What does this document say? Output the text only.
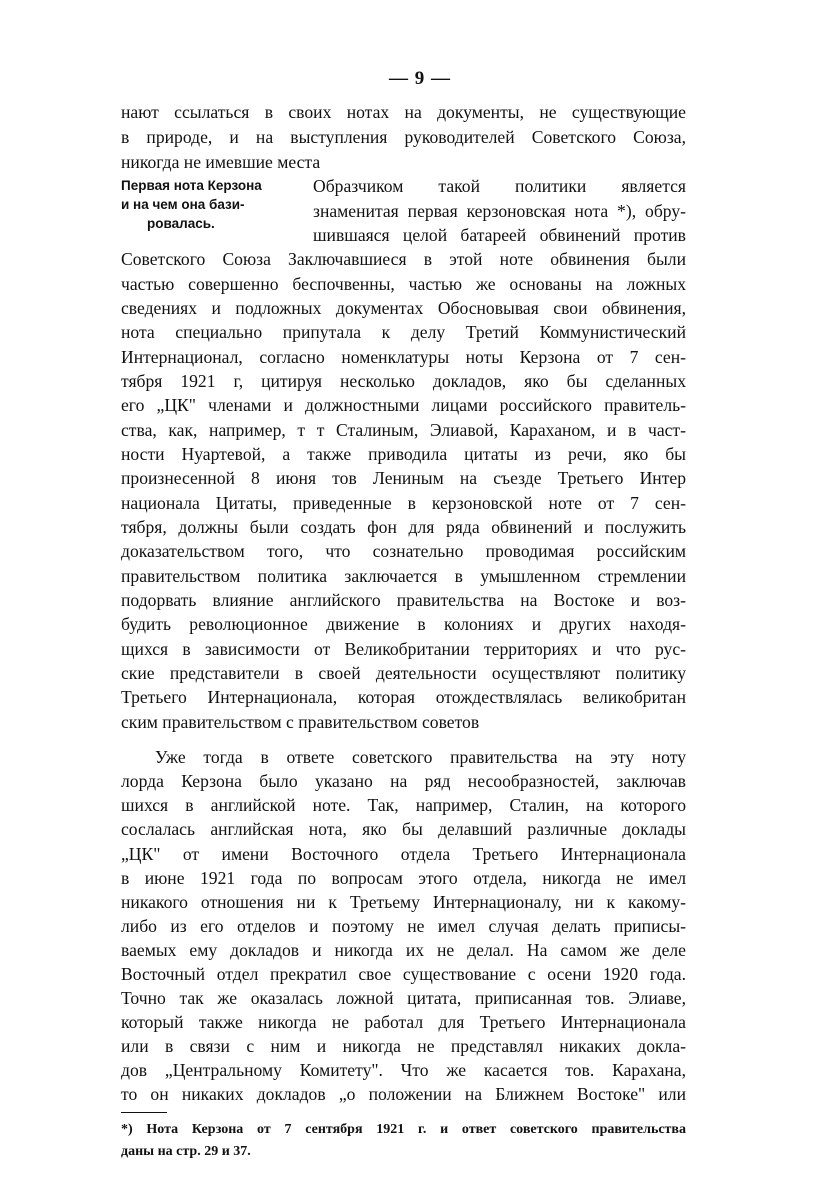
— 9 —
Первая нота Керзона
и на чем она бази-
ровалась.
нают ссылаться в своих нотах на документы, не существующие
в природе, и на выступления руководителей Советского Союза,
никогда не имевшие места
Образчиком такой политики является
знаменитая первая керзоновская нота *), обру-
шившаяся целой батареей обвинений против
Советского Союза Заключавшиеся в этой ноте обвинения были
частью совершенно беспочвенны, частью же основаны на ложных
сведениях и подложных документах Обосновывая свои обвинения,
нота специально припутала к делу Третий Коммунистический
Интернационал, согласно номенклатуры ноты Керзона от 7 сен-
тября 1921 г, цитируя несколько докладов, яко бы сделанных
его „ЦК" членами и должностными лицами российского правитель-
ства, как, например, т т Сталиным, Элиавой, Караханом, и в част-
ности Нуартевой, а также приводила цитаты из речи, яко бы
произнесенной 8 июня тов Лениным на съезде Третьего Интер
национала Цитаты, приведенные в керзоновской ноте от 7 сен-
тября, должны были создать фон для ряда обвинений и послужить
доказательством того, что сознательно проводимая российским
правительством политика заключается в умышленном стремлении
подорвать влияние английского правительства на Востоке и воз-
будить революционное движение в колониях и других находя-
щихся в зависимости от Великобритании территориях и что рус-
ские представители в своей деятельности осуществляют политику
Третьего Интернационала, которая отождествлялась великобритан
ским правительством с правительством советов
Уже тогда в ответе советского правительства на эту ноту
лорда Керзона было указано на ряд несообразностей, заключав
шихся в английской ноте. Так, например, Сталин, на которого
сослалась английская нота, яко бы делавший различные доклады
„ЦК" от имени Восточного отдела Третьего Интернационала
в июне 1921 года по вопросам этого отдела, никогда не имел
никакого отношения ни к Третьему Интернационалу, ни к какому-
либо из его отделов и поэтому не имел случая делать приписы-
ваемых ему докладов и никогда их не делал. На самом же деле
Восточный отдел прекратил свое существование с осени 1920 года.
Точно так же оказалась ложной цитата, приписанная тов. Элиаве,
который также никогда не работал для Третьего Интернационала
или в связи с ним и никогда не представлял никаких докла-
дов „Центральному Комитету". Что же касается тов. Карахана,
то он никаких докладов „о положении на Ближнем Востоке" или
*) Нота Керзона от 7 сентября 1921 г. и ответ советского правительства
даны на стр. 29 и 37.
